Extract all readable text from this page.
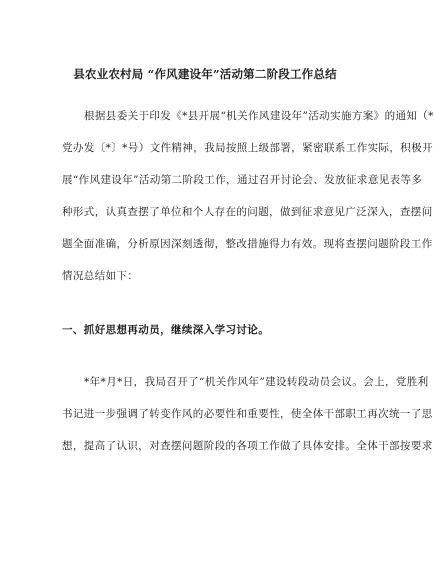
县农业农村局 “作风建设年”活动第二阶段工作总结
根据县委关于印发《*县开展“机关作风建设年”活动实施方案》的通知（*
党办发〔*〕*号）文件精神，我局按照上级部署，紧密联系工作实际，积极开
展“作风建设年”活动第二阶段工作，通过召开讨论会、发放征求意见表等多
种形式，认真查摆了单位和个人存在的问题，做到征求意见广泛深入，查摆问
题全面准确，分析原因深刻透彻，整改措施得力有效。现将查摆问题阶段工作
情况总结如下：
一、抓好思想再动员，继续深入学习讨论。
*年*月*日，我局召开了“机关作风年”建设转段动员会议。会上，党胜利
书记进一步强调了转变作风的必要性和重要性，使全体干部职工再次统一了思
想，提高了认识，对查摆问题阶段的各项工作做了具体安排。全体干部按要求
